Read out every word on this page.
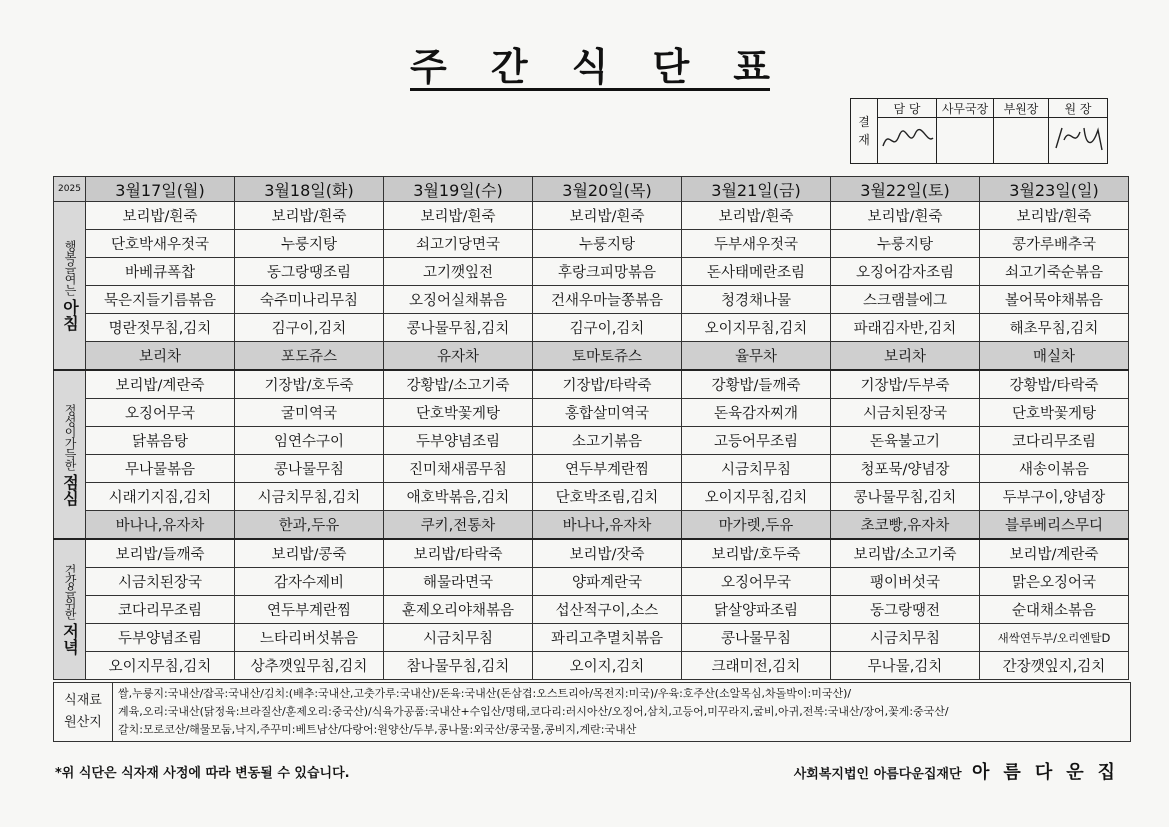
주 간 식 단 표
결
재	담 당	사무국장	부원장	원 장

2025	3월17일(월)	3월18일(화)	3월19일(수)	3월20일(목)	3월21일(금)	3월22일(토)	3월23일(일)

행복을여는
아침	보리밥/흰죽	보리밥/흰죽	보리밥/흰죽	보리밥/흰죽	보리밥/흰죽	보리밥/흰죽	보리밥/흰죽
	단호박새우젓국	누룽지탕	쇠고기당면국	누룽지탕	두부새우젓국	누룽지탕	콩가루배추국
	바베큐폭찹	동그랑땡조림	고기깻잎전	후랑크피망볶음	돈사태메란조림	오징어감자조림	쇠고기죽순볶음
	묵은지들기름볶음	숙주미나리무침	오징어실채볶음	건새우마늘쫑볶음	청경채나물	스크램블에그	볼어묵야채볶음
	명란젓무침,김치	김구이,김치	콩나물무침,김치	김구이,김치	오이지무침,김치	파래김자반,김치	해초무침,김치
	보리차	포도쥬스	유자차	토마토쥬스	율무차	보리차	매실차

정성이가득한
점심	보리밥/계란죽	기장밥/호두죽	강황밥/소고기죽	기장밥/타락죽	강황밥/들깨죽	기장밥/두부죽	강황밥/타락죽
	오징어무국	굴미역국	단호박꽃게탕	홍합살미역국	돈육감자찌개	시금치된장국	단호박꽃게탕
	닭볶음탕	임연수구이	두부양념조림	소고기볶음	고등어무조림	돈육불고기	코다리무조림
	무나물볶음	콩나물무침	진미채새콤무침	연두부계란찜	시금치무침	청포묵/양념장	새송이볶음
	시래기지짐,김치	시금치무침,김치	애호박볶음,김치	단호박조림,김치	오이지무침,김치	콩나물무침,김치	두부구이,양념장
	바나나,유자차	한과,두유	쿠키,전통차	바나나,유자차	마가렛,두유	초코빵,유자차	블루베리스무디

건강을위한
저녁	보리밥/들깨죽	보리밥/콩죽	보리밥/타락죽	보리밥/잣죽	보리밥/호두죽	보리밥/소고기죽	보리밥/계란죽
	시금치된장국	감자수제비	해물라면국	양파계란국	오징어무국	팽이버섯국	맑은오징어국
	코다리무조림	연두부계란찜	훈제오리야채볶음	섭산적구이,소스	닭살양파조림	동그랑땡전	순대채소볶음
	두부양념조림	느타리버섯볶음	시금치무침	꽈리고추멸치볶음	콩나물무침	시금치무침	새싹연두부/오리엔탈D
	오이지무침,김치	상추깻잎무침,김치	참나물무침,김치	오이지,김치	크래미전,김치	무나물,김치	간장깻잎지,김치
식재료
원산지
쌀,누룽지:국내산/잡곡:국내산/김치:(배추:국내산,고춧가루:국내산)/돈육:국내산(돈삼겹:오스트리아/목전지:미국)/우육:호주산(소알목심,차돌박이:미국산)/
계육,오리:국내산(닭정육:브라질산/훈제오리:중국산)/식육가공품:국내산+수입산/명태,코다리:러시아산/오징어,삼치,고등어,미꾸라지,굴비,아귀,전복:국내산/장어,꽃게:중국산/
갈치:모로코산/해물모둠,낙지,주꾸미:베트남산/다랑어:원양산/두부,콩나물:외국산/콩국물,콩비지,계란:국내산
*위 식단은 식자재 사정에 따라 변동될 수 있습니다.	사회복지법인 아름다운집재단 아름다운집
